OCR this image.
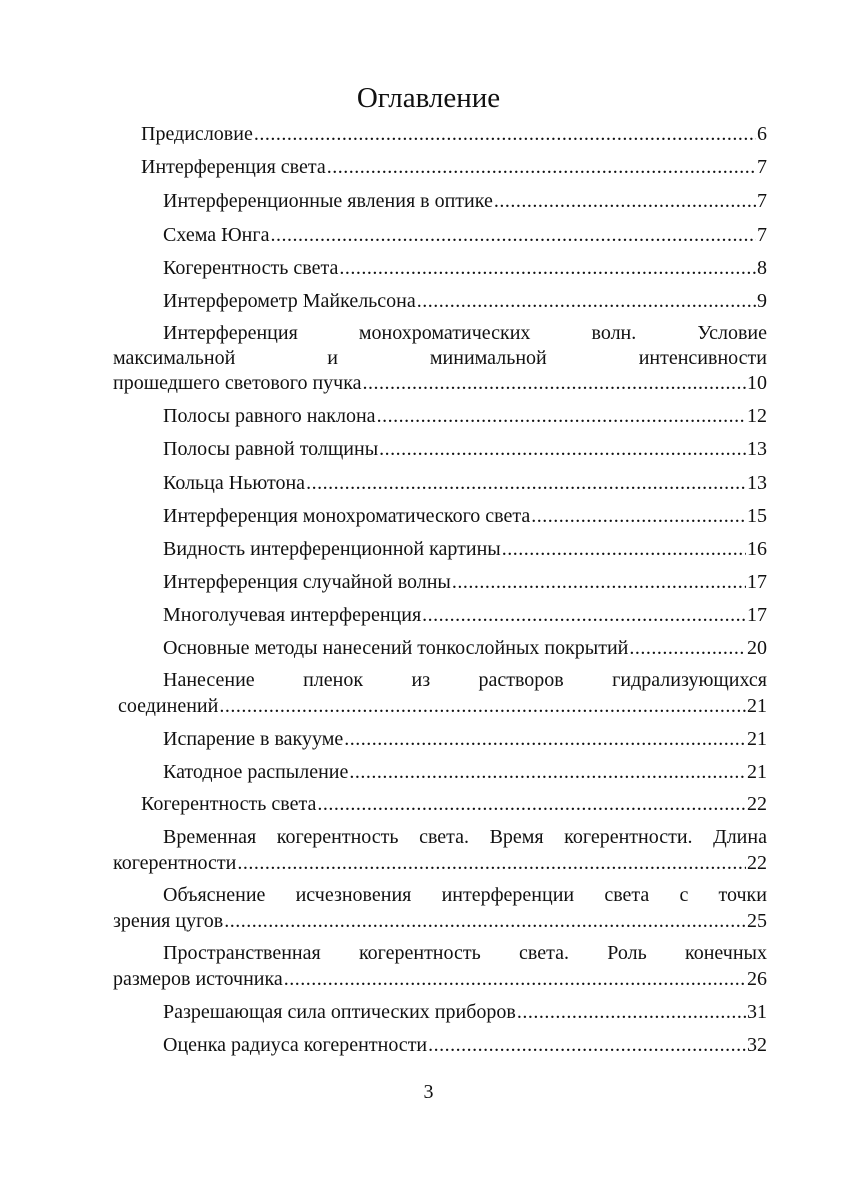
Оглавление
Предисловие .....	6
Интерференция света .....	7
Интерференционные явления в оптике .....	7
Схема Юнга .....	7
Когерентность света .....	8
Интерферометр Майкельсона .....	9
Интерференция	монохроматических	волн.	Условие
максимальной	и	минимальной	интенсивности
прошедшего светового пучка .....	10
Полосы равного наклона .....	12
Полосы равной толщины .....	13
Кольца Ньютона .....	13
Интерференция монохроматического света .....	15
Видность интерференционной картины .....	16
Интерференция случайной волны .....	17
Многолучевая интерференция .....	17
Основные методы нанесений тонкослойных покрытий .....	20
Нанесение пленок из растворов гидрализующихся
соединений .....	21
Испарение в вакууме .....	21
Катодное распыление .....	21
Когерентность света .....	22
Временная когерентность света. Время когерентности. Длина
когерентности .....	22
Объяснение исчезновения интерференции света с точки
зрения цугов .....	25
Пространственная когерентность света. Роль конечных
размеров источника .....	26
Разрешающая сила оптических приборов .....	31
Оценка радиуса когерентности .....	32
3
